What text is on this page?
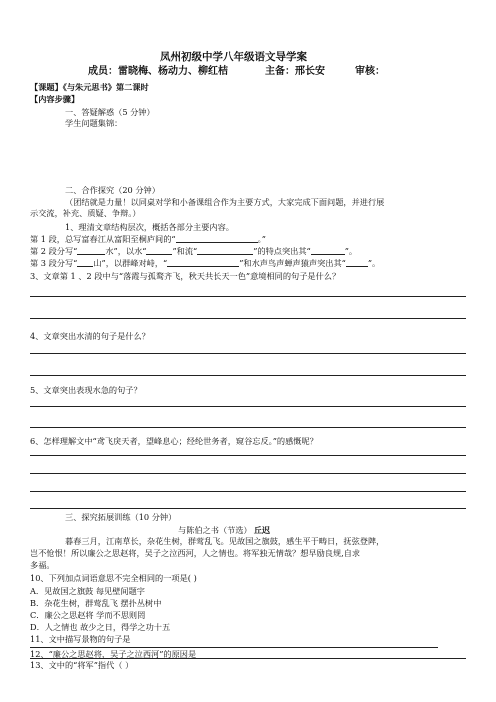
凤州初级中学八年级语文导学案
成员：雷晓梅、杨动力、柳红桔	主备：邢长安	审核：
【课题】《与朱元思书》第二课时
【内容步骤】
一、答疑解惑（5 分钟）
学生问题集锦：
二、合作探究（20 分钟）
（团结就是力量！以同桌对学和小备课组合作为主要方式，大家完成下面问题，并进行展
示交流，补充、质疑、争辩。）
1、理清文章结构层次，概括各部分主要内容。
第 1 段，总写富春江从富阳至桐庐间的“	。”
第 2 段分写“	水”，以水“	”和流“	”的特点突出其“	”。
第 3 段分写“ 山”，以群峰对峙，“	”和水声鸟声蝉声猿声突出其“	”。
3、文章第 1 、2 段中与“落霞与孤鹜齐飞，秋天共长天一色”意境相同的句子是什么？
4、文章突出水清的句子是什么？
5、文章突出表现水急的句子？
6、怎样理解文中“鸢飞戾天者，望峰息心；经纶世务者，窥谷忘反。”的感慨呢？
三、探究拓展训练（10 分钟）
与陈伯之书（节选） 丘迟
暮春三月，江南草长，杂花生树，群莺乱飞。见故国之旗鼓，感生平于畴日，抚弦登陴，
岂不怆恨！所以廉公之思赵将，吴子之泣西河，人之情也。将军独无情哉？想早励良规,自求
多福。
10、下列加点词语意思不完全相同的一项是( )
A．见故国之旗鼓 每见壁间题字
B．杂花生树，群莺乱飞 摆扑丛树中
C．廉公之思赵将 学而不思则罔
D．人之情也 故少之日，得学之功十五
11、文中描写景物的句子是
12、“廉公之思赵将，吴子之泣西河”的原因是
13、文中的“将军”指代（ ）
